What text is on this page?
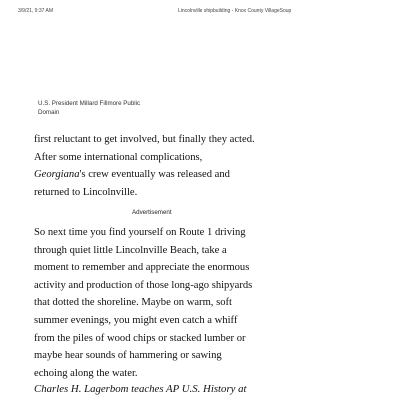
3/9/21, 9:37 AM	Lincolnville shipbuilding - Knox County VillageSoup
U.S. President Millard Fillmore Public
Domain
first reluctant to get involved, but finally they acted.
After some international complications,
Georgiana's crew eventually was released and
returned to Lincolnville.
Advertisement
So next time you find yourself on Route 1 driving
through quiet little Lincolnville Beach, take a
moment to remember and appreciate the enormous
activity and production of those long-ago shipyards
that dotted the shoreline. Maybe on warm, soft
summer evenings, you might even catch a whiff
from the piles of wood chips or stacked lumber or
maybe hear sounds of hammering or sawing
echoing along the water.
Charles H. Lagerbom teaches AP U.S. History at
